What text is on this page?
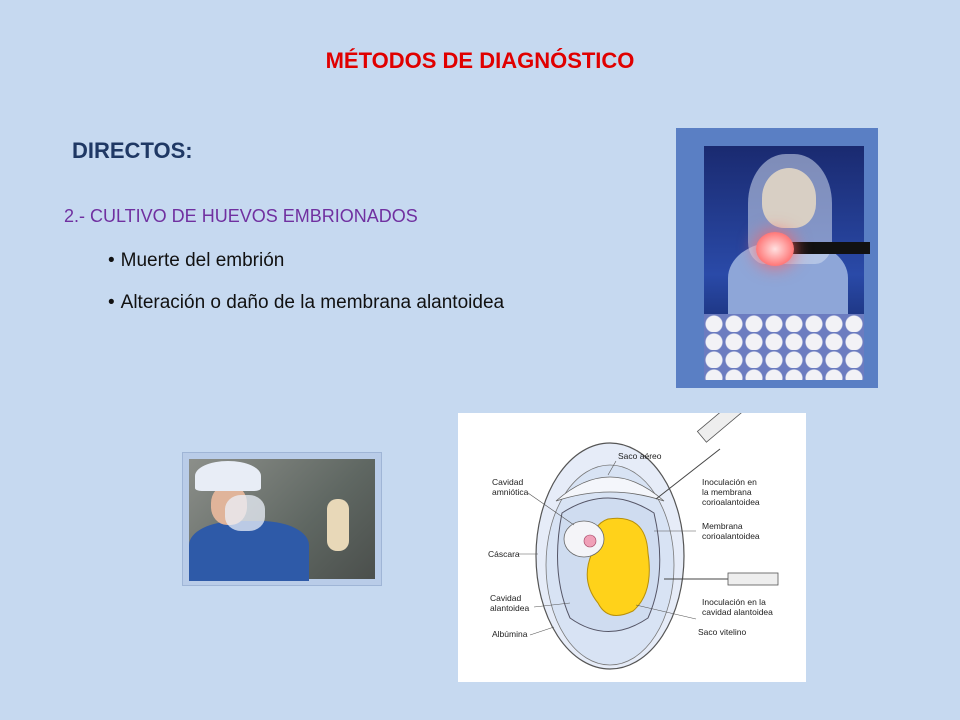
MÉTODOS DE DIAGNÓSTICO
DIRECTOS:
2.- CULTIVO DE HUEVOS EMBRIONADOS
• Muerte del embrión
• Alteración o daño de la membrana alantoidea
Saco aéreo
Cavidad
amniótica
Cáscara
Cavidad
alantoidea
Albúmina
Inoculación en
la membrana
corioalantoidea
Membrana
corioalantoidea
Inoculación en la
cavidad alantoidea
Saco vitelino
